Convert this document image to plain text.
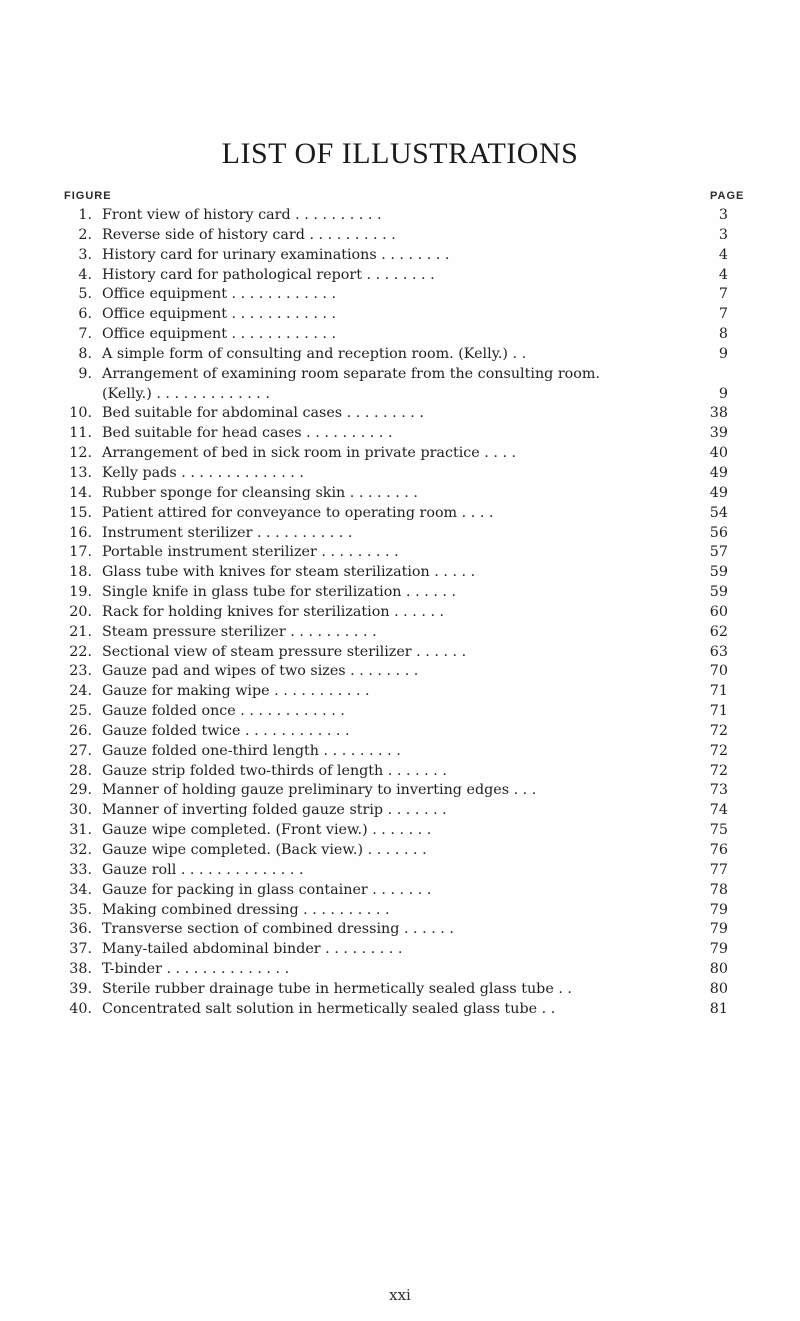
LIST OF ILLUSTRATIONS
FIGURE	PAGE
1. Front view of history card . . . . . . . . . .	3
2. Reverse side of history card . . . . . . . . . .	3
3. History card for urinary examinations . . . . . . . .	4
4. History card for pathological report . . . . . . . .	4
5. Office equipment . . . . . . . . . . . .	7
6. Office equipment . . . . . . . . . . . .	7
7. Office equipment . . . . . . . . . . . .	8
8. A simple form of consulting and reception room. (Kelly.) . .	9
9. Arrangement of examining room separate from the consulting room.
(Kelly.) . . . . . . . . . . . . .	9
10. Bed suitable for abdominal cases . . . . . . . . .	38
11. Bed suitable for head cases . . . . . . . . . .	39
12. Arrangement of bed in sick room in private practice . . . .	40
13. Kelly pads . . . . . . . . . . . . . .	49
14. Rubber sponge for cleansing skin . . . . . . . .	49
15. Patient attired for conveyance to operating room . . . .	54
16. Instrument sterilizer . . . . . . . . . . .	56
17. Portable instrument sterilizer . . . . . . . . .	57
18. Glass tube with knives for steam sterilization . . . . .	59
19. Single knife in glass tube for sterilization . . . . . .	59
20. Rack for holding knives for sterilization . . . . . .	60
21. Steam pressure sterilizer . . . . . . . . . .	62
22. Sectional view of steam pressure sterilizer . . . . . .	63
23. Gauze pad and wipes of two sizes . . . . . . . .	70
24. Gauze for making wipe . . . . . . . . . . .	71
25. Gauze folded once . . . . . . . . . . . .	71
26. Gauze folded twice . . . . . . . . . . . .	72
27. Gauze folded one-third length . . . . . . . . .	72
28. Gauze strip folded two-thirds of length . . . . . . .	72
29. Manner of holding gauze preliminary to inverting edges . . .	73
30. Manner of inverting folded gauze strip . . . . . . .	74
31. Gauze wipe completed. (Front view.) . . . . . . .	75
32. Gauze wipe completed. (Back view.) . . . . . . .	76
33. Gauze roll . . . . . . . . . . . . . .	77
34. Gauze for packing in glass container . . . . . . .	78
35. Making combined dressing . . . . . . . . . .	79
36. Transverse section of combined dressing . . . . . .	79
37. Many-tailed abdominal binder . . . . . . . . .	79
38. T-binder . . . . . . . . . . . . . .	80
39. Sterile rubber drainage tube in hermetically sealed glass tube . .	80
40. Concentrated salt solution in hermetically sealed glass tube . .	81
xxi
